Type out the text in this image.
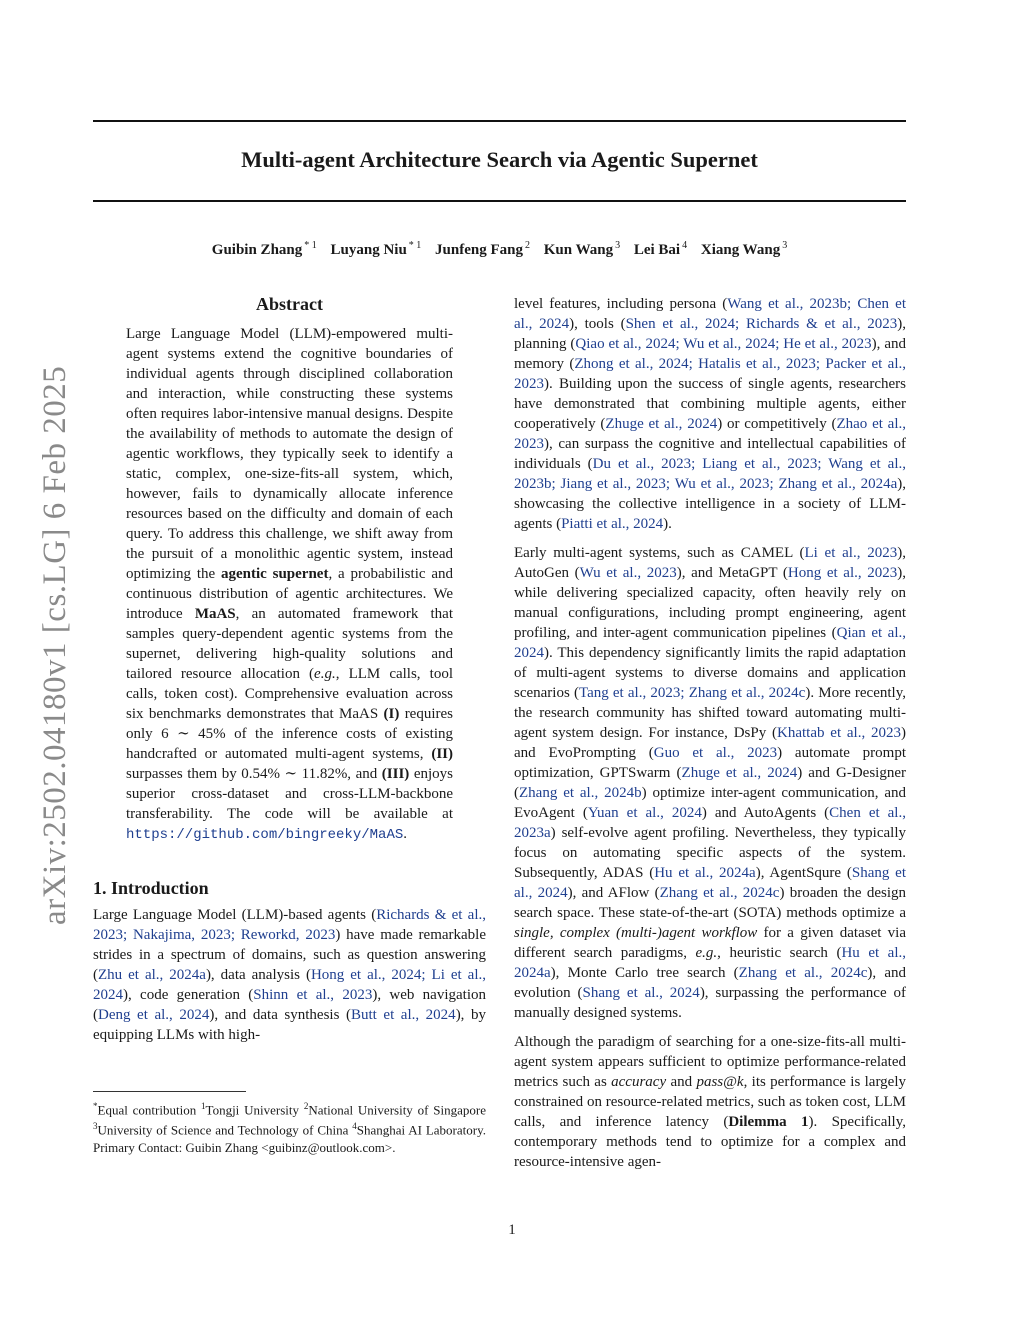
Multi-agent Architecture Search via Agentic Supernet
Guibin Zhang $^{* 1}$ Luyang Niu $^{* 1}$ Junfeng Fang $^2$ Kun Wang $^3$ Lei Bai $^4$ Xiang Wang $^3$
arXiv:2502.04180v1 [cs.LG] 6 Feb 2025
Abstract

Large Language Model (LLM)-empowered multi-agent systems extend the cognitive boundaries of individual agents through disciplined collaboration and interaction, while constructing these systems often requires labor-intensive manual designs. Despite the availability of methods to automate the design of agentic workflows, they typically seek to identify a static, complex, one-size-fits-all system, which, however, fails to dynamically allocate inference resources based on the difficulty and domain of each query. To address this challenge, we shift away from the pursuit of a monolithic agentic system, instead optimizing the agentic supernet, a probabilistic and continuous distribution of agentic architectures. We introduce MaAS, an automated framework that samples query-dependent agentic systems from the supernet, delivering high-quality solutions and tailored resource allocation (e.g., LLM calls, tool calls, token cost). Comprehensive evaluation across six benchmarks demonstrates that MaAS (I) requires only 6 ∼ 45% of the inference costs of existing handcrafted or automated multi-agent systems, (II) surpasses them by 0.54% ∼ 11.82%, and (III) enjoys superior cross-dataset and cross-LLM-backbone transferability. The code will be available at https://github.com/bingreeky/MaAS.

1. Introduction

Large Language Model (LLM)-based agents (Richards & et al., 2023; Nakajima, 2023; Reworkd, 2023) have made remarkable strides in a spectrum of domains, such as question answering (Zhu et al., 2024a), data analysis (Hong et al., 2024; Li et al., 2024), code generation (Shinn et al., 2023), web navigation (Deng et al., 2024), and data synthesis (Butt et al., 2024), by equipping LLMs with high-

level features, including persona (Wang et al., 2023b; Chen et al., 2024), tools (Shen et al., 2024; Richards & et al., 2023), planning (Qiao et al., 2024; Wu et al., 2024; He et al., 2023), and memory (Zhong et al., 2024; Hatalis et al., 2023; Packer et al., 2023). Building upon the success of single agents, researchers have demonstrated that combining multiple agents, either cooperatively (Zhuge et al., 2024) or competitively (Zhao et al., 2023), can surpass the cognitive and intellectual capabilities of individuals (Du et al., 2023; Liang et al., 2023; Wang et al., 2023b; Jiang et al., 2023; Wu et al., 2023; Zhang et al., 2024a), showcasing the collective intelligence in a society of LLM-agents (Piatti et al., 2024).

Early multi-agent systems, such as CAMEL (Li et al., 2023), AutoGen (Wu et al., 2023), and MetaGPT (Hong et al., 2023), while delivering specialized capacity, often heavily rely on manual configurations, including prompt engineering, agent profiling, and inter-agent communication pipelines (Qian et al., 2024). This dependency significantly limits the rapid adaptation of multi-agent systems to diverse domains and application scenarios (Tang et al., 2023; Zhang et al., 2024c). More recently, the research community has shifted toward automating multi-agent system design. For instance, DsPy (Khattab et al., 2023) and EvoPrompting (Guo et al., 2023) automate prompt optimization, GPTSwarm (Zhuge et al., 2024) and G-Designer (Zhang et al., 2024b) optimize inter-agent communication, and EvoAgent (Yuan et al., 2024) and AutoAgents (Chen et al., 2023a) self-evolve agent profiling. Nevertheless, they typically focus on automating specific aspects of the system. Subsequently, ADAS (Hu et al., 2024a), AgentSqure (Shang et al., 2024), and AFlow (Zhang et al., 2024c) broaden the design search space. These state-of-the-art (SOTA) methods optimize a single, complex (multi-)agent workflow for a given dataset via different search paradigms, e.g., heuristic search (Hu et al., 2024a), Monte Carlo tree search (Zhang et al., 2024c), and evolution (Shang et al., 2024), surpassing the performance of manually designed systems.

Although the paradigm of searching for a one-size-fits-all multi-agent system appears sufficient to optimize performance-related metrics such as accuracy and pass@k, its performance is largely constrained on resource-related metrics, such as token cost, LLM calls, and inference latency (Dilemma 1). Specifically, contemporary methods tend to optimize for a complex and resource-intensive agen-

*Equal contribution $^1$Tongji University $^2$National University of Singapore $^3$University of Science and Technology of China $^4$Shanghai AI Laboratory. Primary Contact: Guibin Zhang <guibinz@outlook.com>.
1
